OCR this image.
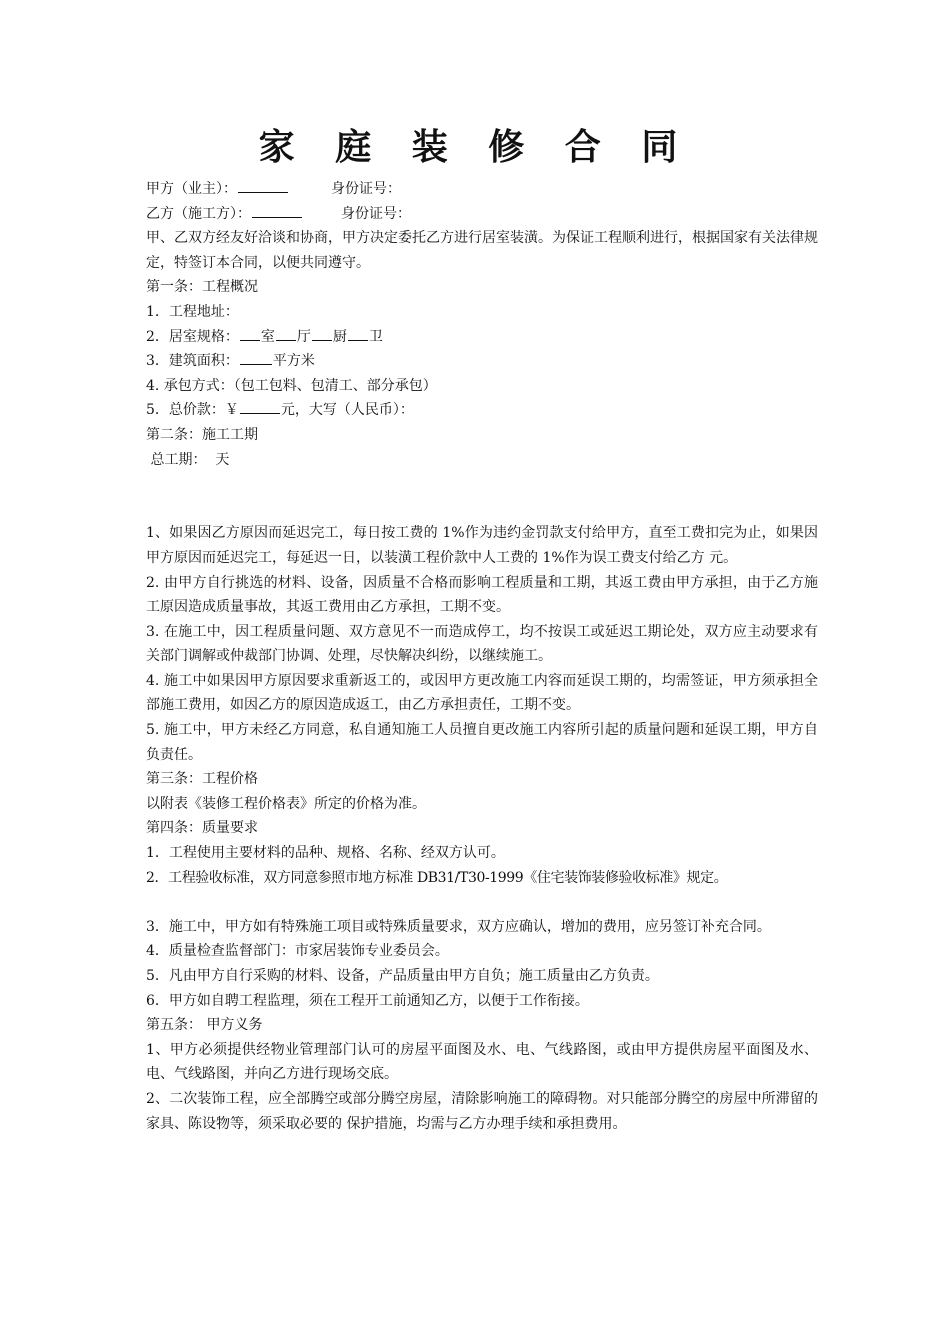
家 庭 装 修 合 同
甲方（业主）：	身份证号：
乙方（施工方）：	身份证号：
甲、乙双方经友好洽谈和协商，甲方决定委托乙方进行居室装潢。为保证工程顺利进行，根据国家有关法律规定，特签订本合同，以便共同遵守。
第一条：工程概况
1．工程地址：
2．居室规格： 室 厅 厨 卫
3．建筑面积： 平方米
4. 承包方式：（包工包料、包清工、部分承包）
5．总价款：￥	元，大写（人民币）：
第二条：施工工期
总工期：  天

1、如果因乙方原因而延迟完工，每日按工费的 1%作为违约金罚款支付给甲方，直至工费扣完为止，如果因甲方原因而延迟完工，每延迟一日，以装潢工程价款中人工费的 1%作为误工费支付给乙方 元。
2. 由甲方自行挑选的材料、设备，因质量不合格而影响工程质量和工期，其返工费由甲方承担，由于乙方施工原因造成质量事故，其返工费用由乙方承担，工期不变。
3. 在施工中，因工程质量问题、双方意见不一而造成停工，均不按误工或延迟工期论处，双方应主动要求有关部门调解或仲裁部门协调、处理，尽快解决纠纷，以继续施工。
4. 施工中如果因甲方原因要求重新返工的，或因甲方更改施工内容而延误工期的，均需签证，甲方须承担全部施工费用，如因乙方的原因造成返工，由乙方承担责任，工期不变。
5. 施工中，甲方未经乙方同意，私自通知施工人员擅自更改施工内容所引起的质量问题和延误工期，甲方自负责任。
第三条：工程价格
以附表《装修工程价格表》所定的价格为准。
第四条：质量要求
1．工程使用主要材料的品种、规格、名称、经双方认可。
2．工程验收标准，双方同意参照市地方标准 DB31/T30-1999《住宅装饰装修验收标准》规定。
3．施工中，甲方如有特殊施工项目或特殊质量要求，双方应确认，增加的费用，应另签订补充合同。
4．质量检查监督部门：市家居装饰专业委员会。
5．凡由甲方自行采购的材料、设备，产品质量由甲方自负；施工质量由乙方负责。
6．甲方如自聘工程监理，须在工程开工前通知乙方，以便于工作衔接。
第五条： 甲方义务
1、甲方必须提供经物业管理部门认可的房屋平面图及水、电、气线路图，或由甲方提供房屋平面图及水、电、气线路图，并向乙方进行现场交底。
2、二次装饰工程，应全部腾空或部分腾空房屋，清除影响施工的障碍物。对只能部分腾空的房屋中所滞留的家具、陈设物等，须采取必要的 保护措施，均需与乙方办理手续和承担费用。
